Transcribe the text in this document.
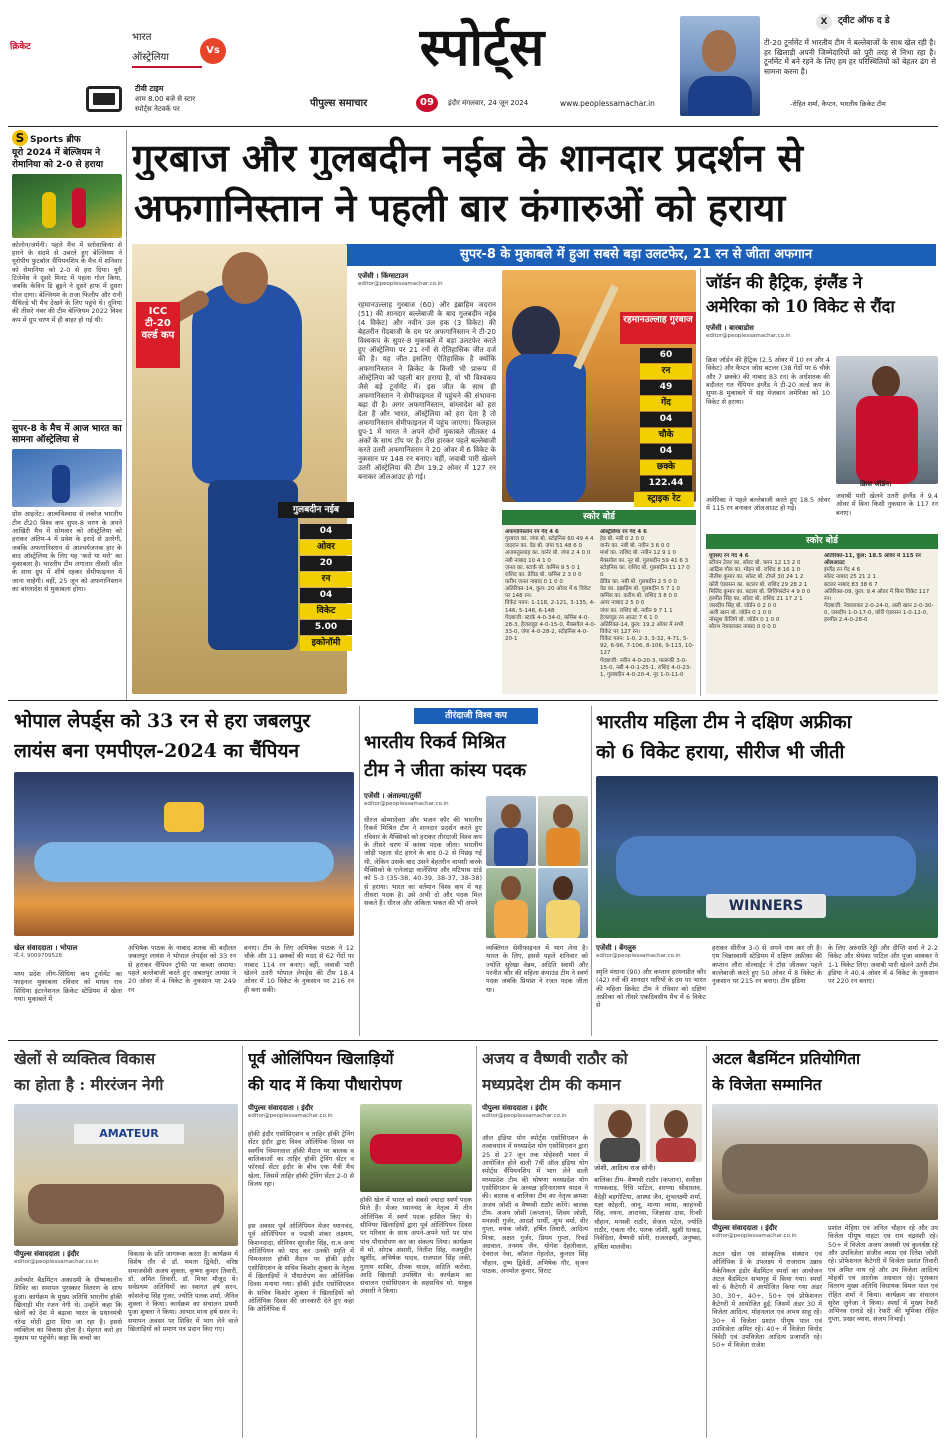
क्रिकेट
भारत
ऑस्ट्रेलिया
Vs
टीवी टाइम
शाम 8.00 बजे से स्टार
स्पोर्ट्स नेटवर्क पर
स्पोर्ट्स
पीपुल्स समाचार	09	इंदौर मंगलवार, 24 जून 2024	www.peoplessamachar.in
X	ट्वीट ऑफ द डे
टी-20 टूर्नामेंट में भारतीय टीम ने बल्लेबाजों के साथ खेल रही है। हर खिलाड़ी अपनी जिम्मेदारियों को पूरी तरह से निभा रहा है। टूर्नामेंट में बने रहने के लिए हम हर परिस्थितियों को बेहतर ढंग से सामना करना है।
-रोहित शर्मा, कैप्टन, भारतीय क्रिकेट टीम
S Sports ब्रीफ
यूरो 2024 में बेल्जियम ने रोमानिया को 2-0 से हराया
कोलोन/जर्मनी। पहले मैच में स्लोवाकिया से हारने के सदमे से उबरते हुए बेल्जियम ने यूरोपीय फुटबॉल चैंपियनशिप के मैच में शनिवार को रोमानिया को 2-0 से हरा दिया। यूरी टिलेमेंस ने दूसरे मिनट में पहला गोल किया, जबकि केविन डि ब्रूइने ने दूसरे हाफ में दूसरा गोल दागा। बेल्जियम के राजा फिलीप और रानी मैथिल्डे भी मैच देखने के लिए पहुंचे थे। दुनिया की तीसरे नंबर की टीम बेल्जियम 2022 विश्व कप में ग्रुप चरण में ही बाहर हो गई थी।
सुपर-8 के मैच में आज भारत का सामना ऑस्ट्रेलिया से
ग्रोस आइलेट। आत्मविश्वास से लबरेज भारतीय टीम टी20 विश्व कप सुपर-8 चरण के अपने आखिरी मैच में सोमवार को ऑस्ट्रेलिया को हराकर अंतिम-4 में प्रवेश के इरादे से उतरेगी, जबकि अफगानिस्तान से आश्चर्यजनक हार के बाद ऑस्ट्रेलिया के लिए यह ‘करो या मरो’ का मुकाबला है। भारतीय टीम लगातार तीसरी जीत के साथ ग्रुप में शीर्ष रहकर सेमीफाइनल में जाना चाहेगी। वहीं, 25 जून को अफगानिस्तान का बांग्लादेश से मुकाबला होगा।
गुरबाज और गुलबदीन नईब के शानदार प्रदर्शन से
अफगानिस्तान ने पहली बार कंगारुओं को हराया
सुपर-8 के मुकाबले में हुआ सबसे बड़ा उलटफेर, 21 रन से जीता अफगान
ICC टी-20 वर्ल्ड कप
गुलबदीन नईब
04
ओवर
20
रन
04
विकेट
5.00
इकोनॉमी
एजेंसी । किंग्सटाउन
editor@peoplessamachar.co.in
रहमानउल्लाह गुरबाज (60) और इब्राहिम जदरान (51) की शानदार बल्लेबाजी के बाद गुलबदीन नईब (4 विकेट) और नवीन उल हक (3 विकेट) की बेहतरीन गेंदबाजी के दम पर अफगानिस्तान ने टी-20 विश्वकप के सुपर-8 मुकाबले में बड़ा उलटफेर करते हुए ऑस्ट्रेलिया पर 21 रनों से ऐतिहासिक जीत दर्ज की है। यह जीत इसलिए ऐतिहासिक है क्योंकि अफगानिस्तान ने क्रिकेट के किसी भी प्रारूप में ऑस्ट्रेलिया को पहली बार हराया है, वो भी विश्वकप जैसे बड़े टूर्नामेंट में। इस जीत के साथ ही अफगानिस्तान ने सेमीफाइनल में पहुंचने की संभावना बढ़ा दी है। अगर अफगानिस्तान, बांग्लादेश को हरा देता है और भारत, ऑस्ट्रेलिया को हरा देता है तो अफगानिस्तान सेमीफाइनल में पहुंच जाएगा। फिलहाल ग्रुप-1 में भारत ने अपने दोनों मुकाबले जीतकर 4 अंकों के साथ टॉप पर है। टॉस हारकर पहले बल्लेबाजी करते उतरी अफगानिस्तान ने 20 ओवर में 6 विकेट के नुकसान पर 148 रन बनाए। वहीं, जवाबी पारी खेलने उतरी ऑस्ट्रेलिया की टीम 19.2 ओवर में 127 रन बनाकर ऑलआउट हो गई।
रहमानउल्लाह गुरबाज
60
रन
49
गेंद
04
चौके
04
छक्के
122.44
स्ट्राइक रेट
स्कोर बोर्ड
अफगानिस्तान रन गेंद 4 6
गुरबाज का. जंपा बो. स्टोइनिस 60 49 4 4
जदरान का. वेड बो. जंपा 51 48 6 0
अजमतुल्लाह का. वार्नर बो. जंपा 2 4 0 0
नबी नाबाद 10 4 1 0
जनत का. स्टार्क बो. कमिंस 9 5 0 1
राशिद का. डेविड बो. कमिंस 2 3 0 0
करीम जनत नाबाद 0 1 0 0
अतिरिक्त-14, कुल: 20 ओवर में 6 विकेट पर 148 रन।
विकेट पतन: 1-118, 2-121, 3-135, 4-146, 5-148, 6-148
गेंदबाजी: स्टार्क 4-0-34-0, कमिंस 4-0-28-3, हेजलवुड 4-0-15-0, मैक्सवेल 4-0-33-0, जंपा 4-0-28-2, स्टोइनिस 4-0-20-1
ऑस्ट्रेलिया रन गेंद 4 6
हेड बो. नबी 0 2 0 0
वार्नर का. नबी बो. नवीन 3 6 0 0
मार्श का. राशिद बो. नवीन 12 9 1 0
मैक्सवेल का. नूर बो. गुलबदीन 59 41 6 3
स्टोइनिस का. राशिद बो. गुलबदीन 11 17 0 0
डेविड का. नबी बो. गुलबदीन 2 5 0 0
वेड का. इब्राहिम बो. गुलबदीन 5 7 1 0
कमिंस का. करीम बो. राशिद 3 8 0 0
अगर नाबाद 2 5 0 0
जंपा का. राशिद बो. नवीन 9 7 1 1
हेजलवुड रन आउट 7 6 1 0
अतिरिक्त-14, कुल: 19.2 ओवर में सभी विकेट पर 127 रन।
विकेट पतन: 1-0, 2-3, 3-32, 4-71, 5-92, 6-96, 7-106, 8-106, 9-113, 10-127
गेंदबाजी: नवीन 4-0-20-3, फारूकी 3-0-15-0, नबी 4-0-1-25-1, राशिद 4-0-23-1, गुलबदीन 4-0-20-4, नूर 1-0-11-0
जॉर्डन की हैट्रिक, इंग्लैंड ने
अमेरिका को 10 विकेट से रौंदा
एजेंसी । बारबाडोस
editor@peoplessamachar.co.in
क्रिस जॉर्डन की हैट्रिक (2.5 ओवर में 10 रन और 4 विकेट) और कैप्टन जोस बटलर (38 गेंदों पर 6 चौके और 7 छक्के) की नाबाद 83 रन) के अर्धशतक की बदौलत गत चैंपियन इंग्लैंड ने टी-20 वर्ल्ड कप के सुपर-8 मुकाबले में सह मेजबान अमेरिका को 10 विकेट से हराया।
अमेरिका ने पहले बल्लेबाजी करते हुए 18.5 ओवर में 115 रन बनाकर ऑलआउट हो गई।
क्रिस जॉर्डन।
जवाबी पारी खेलने उतरी इंग्लैंड ने 9.4 ओवर में बिना किसी नुकसान के 117 रन बनाए।
स्कोर बोर्ड
यूएसए रन गेंद 4 6
स्टीवन टेलर का. सॉल्ट बो. करन 12 13 2 0
आंद्रिस गौस का. मोइन बो. राशिद 8 16 1 0
नीतीश कुमार का. सॉल्ट बो. टोप्ले 30 24 1 2
कोरी एंडरसन का. बटलर बो. राशिद 29 28 2 1
मिलिंद कुमार का. बटलर बो. लिविंगस्टोन 4 9 0 0
हरमीत सिंह का. सॉल्ट बो. राशिद 21 17 2 1
जसदीप सिंह बो. जॉर्डन 0 2 0 0
अली खान बो. जॉर्डन 0 1 0 0
नॉस्तुश केंजिगे बो. जॉर्डन 0 1 0 0
सौरभ नेत्रवलकर नाबाद 0 0 0 0
अतिरिक्त-11, कुल: 18.5 ओवर में 115 रन ऑलआउट
इंग्लैंड रन गेंद 4 6
सॉल्ट नाबाद 25 21 2 1
बटलर नाबाद 83 38 6 7
अतिरिक्त-09, कुल: 9.4 ओवर में बिना विकेट 117 रन।
गेंदबाजी: नेत्रवलकर 2-0-24-0, अली खान 2-0-30-0, जसदीप 1-0-17-0, कोरी एंडरसन 1-0-12-0, हरमीत 2.4-0-28-0
भोपाल लेपर्ड्स को 33 रन से हरा जबलपुर
लायंस बना एमपीएल-2024 का चैंपियन
खेल संवाददाता । भोपाल
मो.नं. 9009709528
मध्य प्रदेश लीग-सिंधिया कप टूर्नामेंट का फाइनल मुकाबला रविवार को माधव राव सिंधिया इंटरनेशनल क्रिकेट स्टेडियम में खेला गया। मुकाबले में
अभिषेक पाठक के नाबाद शतक की बदौलत जबलपुर लायंस ने भोपाल लेपर्ड्स को 33 रन से हराकर चैंपियन ट्रॉफी पर कब्जा जमाया। पहले बल्लेबाजी करते हुए जबलपुर लायंस ने 20 ओवर में 4 विकेट के नुकसान पर 249 रन
बनाए। टीम के लिए अभिषेक पाठक ने 12 चौके और 11 छक्कों की मदद से 62 गेंदों पर नाबाद 114 रन बनाए। वहीं, जवाबी पारी खेलने उतरी भोपाल लेपर्ड्स की टीम 18.4 ओवर में 10 विकेट के नुकसान पर 216 रन ही बना सकी।
तीरंदाजी विश्व कप
भारतीय रिकर्व मिश्रित
टीम ने जीता कांस्य पदक
एजेंसी । अंताल्या/तुर्की
editor@peoplessamachar.co.in
धीरज बोम्मादेवरा और भजन कौर की भारतीय रिकर्व मिश्रित टीम ने शानदार प्रदर्शन करते हुए रविवार के मैक्सिको को हराकर तीरंदाजी विश्व कप के तीसरे चरण में कांस्य पदक जीता। भारतीय जोड़ी पहला सेट हारने के बाद 0-2 से पिछड़ गई थी, लेकिन उसके बाद उसने बेहतरीन वापसी करके मैक्सिको के एलेजांद्रा वालेंसिया और मटियास ग्रांडे को 5-3 (35-38, 40-39, 38-37, 38-38) से हराया। भारत का वर्तमान विश्व कप में यह तीसरा पदक है। उसे अभी दो और पदक मिल सकते हैं। धीरज और अंकिता भकत की भी अपने
व्यक्तिगत सेमीफाइनल में भाग लेना है। भारत के लिए, इससे पहले शनिवार को ज्योति सुरेखा वेन्नम, अदिति स्वामी और परनीत कौर की महिला कंपाउंड टीम ने स्वर्ण पदक जबकि प्रियांश ने रजत पदक जीता था।
भारतीय महिला टीम ने दक्षिण अफ्रीका
को 6 विकेट हराया, सीरीज भी जीती
WINNERS
एजेंसी । बेंगलुरु
editor@peoplessamachar.co.in
स्मृति मंधाना (90) और कप्तान हरमनप्रीत कौर (42) रनों की शानदार पारियों के दम पर भारत की महिला क्रिकेट टीम ने रविवार को दक्षिण अफ्रीका को तीसरे एकदिवसीय मैच में 6 विकेट से
हराकर सीरीज 3-0 से अपने नाम कर ली है। एम चिन्नास्वामी स्टेडियम में दक्षिण अफ्रीका की कप्तान लौरा वोल्वार्ड्ट ने टॉस जीतकर पहले बल्लेबाजी करते हुए 50 ओवर में 8 विकेट के नुकसान पर 215 रन बनाए। टीम इंडिया
के लिए अरुंधति रेड्डी और दीप्ति शर्मा ने 2-2 विकेट और श्रेयंका पाटिल और पूजा वस्त्रकर ने 1-1 विकेट लिए। जवाबी पारी खेलने उतरी टीम इंडिया ने 40.4 ओवर में 4 विकेट के नुकसान पर 220 रन बनाए।
खेलों से व्यक्तित्व विकास
का होता है : मीररंजन नेगी
AMATEUR
पीपुल्स संवाददाता । इंदौर
editor@peoplessamachar.co.in
अमेच्योर बैडमिंटन अकादमी के ग्रीष्मकालीन शिविर का समापन पुरस्कार वितरण के साथ हुआ। कार्यक्रम के मुख्य अतिथि भारतीय हॉकी खिलाड़ी मीर रंजन नेगी थे। उन्होंने कहा कि खेलों को देश में बढ़ावा भारत के प्रधानमंत्री नरेन्द्र मोदी द्वारा दिया जा रहा है। इससे व्यक्तित्व का विकास होता है। मेहनत करो हर मुकाम पर पहुंचेंगे। कहा कि बच्चों का
विकास के प्रति जागरूक करता है। कार्यक्रम में विशेष तौर से डॉ. ममता द्विवेदी, वरिष्ठ समाजसेवी अजय शुक्ला, कृष्णा कुमार तिवारी, डॉ. अमित तिवारी, डॉ. मिश्रा मौजूद थे। सर्वप्रथम अतिथियों का स्वागत हर्ष सरन, कोसलेन्द्र सिंह गुजर, ज्योति पलक शर्मा, जैनिव शुक्ला ने किया। कार्यक्रम का संचालन प्रथमी पुजा शुक्ला ने किया। आभार माना हर्ष सरन ने। समापन अवसर पर शिविर में भाग लेने वाले खिलाड़ियों को प्रमाण पत्र प्रदान किए गए।
पूर्व ओलिंपियन खिलाड़ियों
की याद में किया पौधारोपण
पीपुल्स संवाददाता । इंदौर
editor@peoplessamachar.co.in
हॉकी इंदौर एसोसिएशन व ताहिर हॉकी ट्रेनिंग सेंटर इंदौर द्वारा विश्व ओलिंपिक दिवस पर स्वर्गीय चिमनलाल हॉकी मैदान पर बालक व बालिकाओं का ताहिर हॉकी ट्रेनिंग सेंटर व फॉरवर्ड सेंटर इंदौर के बीच एक मैत्री मैच खेला, जिसमें ताहिर हॉकी ट्रेनिंग सेंटर 2-0 से विजय रहा।
इस अवसर पूर्व ओलिंपियन मेजर ध्यानचंद, पूर्व ओलिंपियन व पद्मश्री शंकर लक्ष्मण, किशनदादा, सीनियर सुरजीत सिंह, रा.व अन्य ओलिंपियन को याद कर उनकी स्मृति में चिमनलाल हॉकी मैदान पर हॉकी इंदौर एसोसिएशन के सचिव किशोर शुक्ला के नेतृत्व में खिलाड़ियों ने पौधारोपण कर ओलिंपिक दिवस मनाया गया। हॉकी इंदौर एसोसिएशन के सचिव किशोर शुक्ला ने खिलाड़ियों को ओलिंपिक दिवस की जानकारी देते हुए कहा कि ओलिंपिक में
हॉकी खेल में भारत को सबसे ज्यादा स्वर्ण पदक मिले हैं। मेजर ध्यानचंद के नेतृत्व में तीन ओलिंपिक में स्वर्ण पदक हासिल किए थे। सीनियर खिलाड़ियों द्वारा पूर्व ओलिंपियन दिवस पर परिवार के साथ अपने-अपने घरों पर पांच पांच पौधारोपण कर का संकल्प लिया। कार्यक्रम में मो. सोएब अंसारी, नितीश सिंह, नजमुद्दीन खुर्शीद, अभिषेक यादव, राजपाल सिंह लकी, गुलाम साबिर, दीपक यादव, अदिति करोसा, आदि खिलाड़ी उपस्थित थे। कार्यक्रम का संचालन एसोसिएशन के सहसचिव मो. याकूब अंसारी ने किया।
अजय व वैष्णवी राठौर को
मध्यप्रदेश टीम की कमान
पीपुल्स संवाददाता । इंदौर
editor@peoplessamachar.co.in
ऑल इंडिया योग स्पोर्ट्स एसोसिएशन के तत्वावधान में मध्यप्रदेश योग एसोसिएशन द्वारा 25 से 27 जून तक मोहेश्वरी भवन में आयोजित होने वाली 7वीं ऑल इंडिया योग स्पोर्ट्स चैंपियनशिप में भाग लेने वाली मध्यप्रदेश टीम की घोषणा मध्यप्रदेश योग एसोसिएशन के अध्यक्ष हरिनारायण यादव ने की। बालक व बालिका टीम का नेतृत्व क्रमशः अजय जोशी व वैष्णवी राठौर करेंगे। बालक टीम- अजय जोशी (कप्तान), शिवम जोशी, मनसवी गुर्जर, आदर्श पार्थी, शुभ वर्मा, वीर गुप्ता, मयंक जोशी, हर्षित तिवारी, आदित्य मिश्रा, अक्षत गुर्जर, प्रियम गुप्ता, रिचर्ड अग्रवाल, तनमय जैन, योगेश देहलीवाल, देवराज नेवा, कौशल गेहलोत, कुनाल सिंह चौहान, दुष्य द्विवेदी, अभिषेक गौर, सृजन पाठक, अनमोल कुमार, विराट
जोशी, आदित्य राज सोनी।
बालिका टीम- वैष्णवी राठौर (कप्तान), समीक्षा गायकवाड़, रिधि पाटिल, शरण्या श्रीवास्तव, वैदेही बड़गोटिया, आस्था जैन, शुभलक्ष्मी शर्मा, यज्ञा कोहली, जानू, मान्या व्यास, काहनवी सिंह, नयना, आराध्या, जिज्ञासा दास, रिन्सी चौहान, मनस्वी राठौर, सेजल पटेल, ज्योति राठौर, एकता गौर, पलक जोशी, खुशी धाकड़, निवेदिता, वैष्णवी सोनी, राजलक्ष्मी, अनुष्का, हर्षिता मालवीय।
अटल बैडमिंटन प्रतियोगिता
के विजेता सम्मानित
पीपुल्स संवाददाता । इंदौर
editor@peoplessamachar.co.in
अटल खेल एवं सांस्कृतिक संस्थान एवं ओलिंपिक डे के उपलक्ष्य में राजाराम उन्नाव मैकेनिकल इंडोर बैडमिंटन स्पर्धा का आयोजन अटल बैडमिंटन सभागृह में किया गया। स्पर्धा को 6 कैटेगरी में आयोजित किया गया अंडर 30, 30+, 40+, 50+ एवं प्रोफेशनल कैटेगरी में आयोजित हुई, जिसमें अंडर 30 में विजेता आदित्य, मोहनलाल एवं अभय साहू रहे। 30+ में विजेता प्रशांत पीयूष पाल एवं उपविजेता अमित रहे। 40+ में विजेता विनोद त्रिवेदी एवं उपविजेता आदित्य प्रजापति रहे। 50+ में विजेता राजेश
प्रशांत मेहिया एवं अनिल चौहान रहे और उप विजेता पीयूष नाहटा एवं राम चंद्रवंशी रहे। 50+ में विजेता अजय अवस्थी एवं कुलश्रेष्ठ रहे और उपविजेता संजीव व्यास एवं रितेश जोशी रहे। प्रोफेशनल कैटेगरी में विजेता प्रशांत तिवारी एवं अमित नाथ रहे और उप विजेता आदित्य मोहश्री एवं आलोक अग्रवाल रहे। पुरस्कार वितरण मुख्य अतिथि विधायक विमल पाल एवं रोहित शर्मा ने किया। कार्यक्रम का संचालन सुरेश जुनेजा ने किया। स्पर्धा में मुख्य रेफरी अभिनव रानाडे रहे। रेफरी की भूमिका रोहित गुप्ता, प्रखर व्यास, संजय निभाई।
